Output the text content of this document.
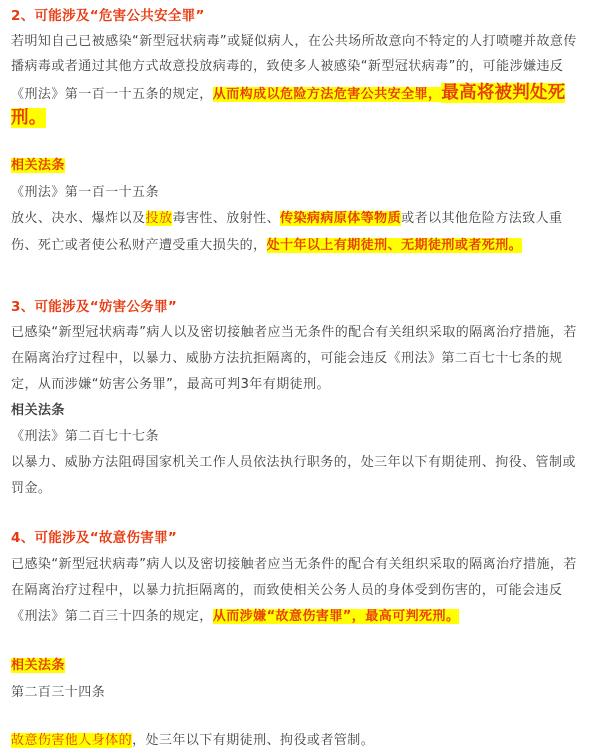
2、可能涉及“危害公共安全罪”
若明知自己已被感染“新型冠状病毒”或疑似病人，在公共场所故意向不特定的人打喷嚏并故意传
播病毒或者通过其他方式故意投放病毒的，致使多人被感染“新型冠状病毒”的，可能涉嫌违反
《刑法》第一百一十五条的规定，从而构成以危险方法危害公共安全罪，最高将被判处死
刑。
相关法条
《刑法》第一百一十五条
放火、决水、爆炸以及投放毒害性、放射性、传染病病原体等物质或者以其他危险方法致人重
伤、死亡或者使公私财产遭受重大损失的，处十年以上有期徒刑、无期徒刑或者死刑。
3、可能涉及“妨害公务罪”
已感染“新型冠状病毒”病人以及密切接触者应当无条件的配合有关组织采取的隔离治疗措施，若
在隔离治疗过程中，以暴力、威胁方法抗拒隔离的，可能会违反《刑法》第二百七十七条的规
定，从而涉嫌“妨害公务罪”，最高可判3年有期徒刑。
相关法条
《刑法》第二百七十七条
以暴力、威胁方法阻碍国家机关工作人员依法执行职务的，处三年以下有期徒刑、拘役、管制或
罚金。
4、可能涉及“故意伤害罪”
已感染“新型冠状病毒”病人以及密切接触者应当无条件的配合有关组织采取的隔离治疗措施，若
在隔离治疗过程中，以暴力抗拒隔离的，而致使相关公务人员的身体受到伤害的，可能会违反
《刑法》第二百三十四条的规定，从而涉嫌“故意伤害罪”，最高可判死刑。
相关法条
第二百三十四条
故意伤害他人身体的，处三年以下有期徒刑、拘役或者管制。
